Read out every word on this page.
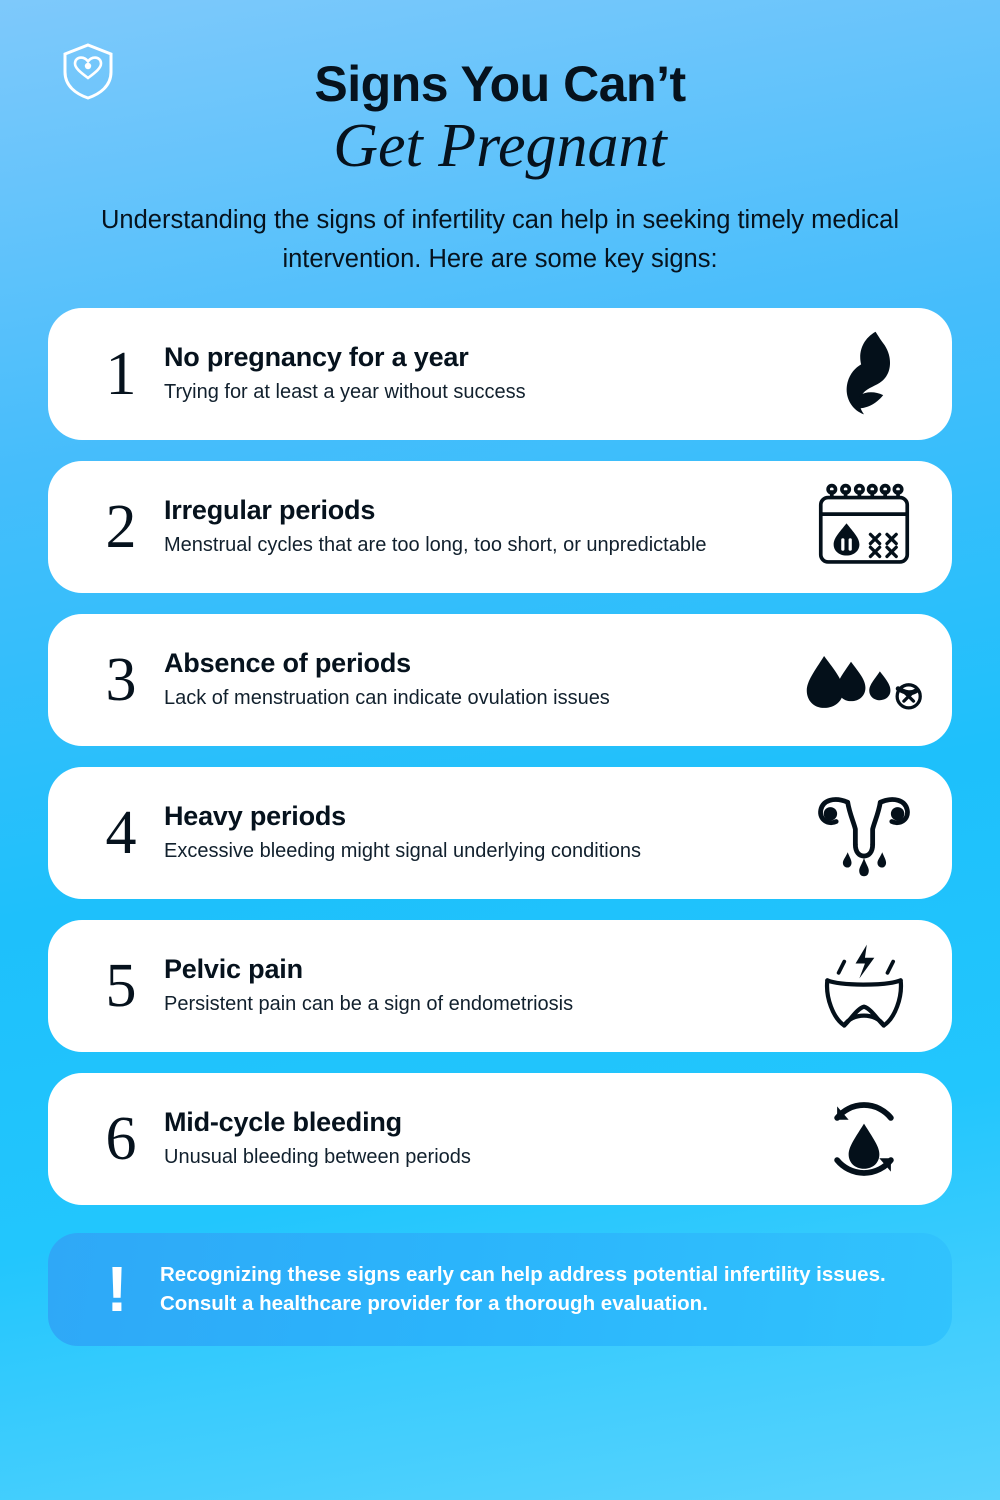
Signs You Can’t
Get Pregnant
Understanding the signs of infertility can help in seeking timely medical intervention. Here are some key signs:
1	No pregnancy for a year
Trying for at least a year without success
2	Irregular periods
Menstrual cycles that are too long, too short, or unpredictable
3	Absence of periods
Lack of menstruation can indicate ovulation issues
4	Heavy periods
Excessive bleeding might signal underlying conditions
5	Pelvic pain
Persistent pain can be a sign of endometriosis
6	Mid-cycle bleeding
Unusual bleeding between periods
!	Recognizing these signs early can help address potential infertility issues. Consult a healthcare provider for a thorough evaluation.
